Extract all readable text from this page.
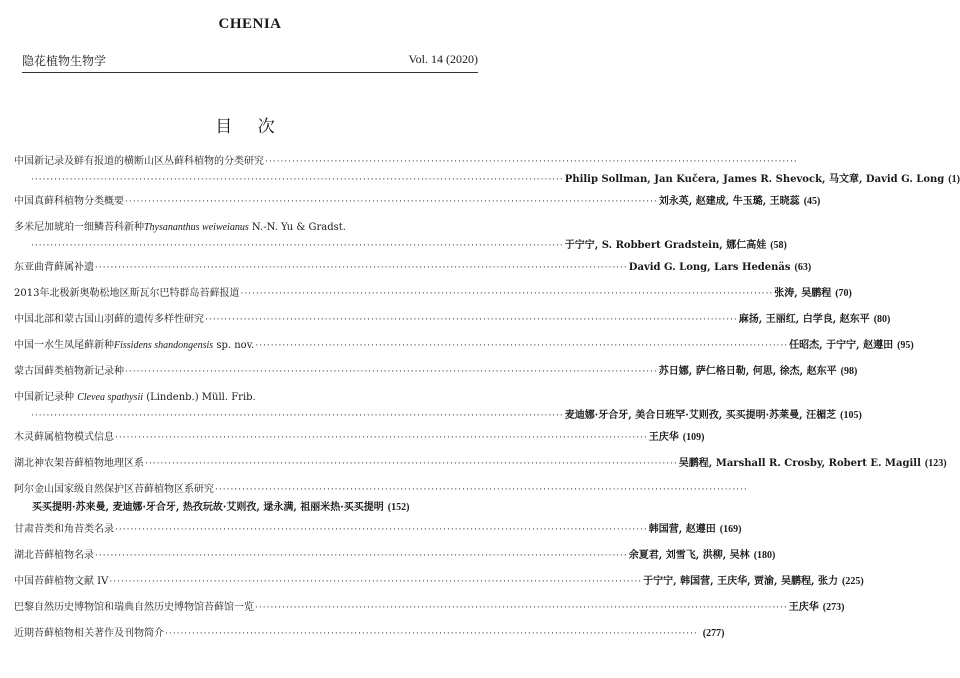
CHENIA
隐花植物生物学	Vol. 14 (2020)
目 次
中国新记录及鲜有报道的横断山区丛藓科植物的分类研究
·····
·····
Philip Sollman, Jan Kučera, James R. Shevock, 马文章, David G. Long (1)
中国真藓科植物分类概要 ·····	刘永英, 赵建成, 牛玉璐, 王晓蕊 (45)
多米尼加琥珀一细鳞苔科新种Thysananthus weiweianus N.-N. Yu & Gradst.
·····
于宁宁, S. Robbert Gradstein, 娜仁高娃 (58)
东亚曲背藓属补遗 ·····	David G. Long, Lars Hedenäs (63)
2013年北极新奥勒松地区斯瓦尔巴特群岛苔藓报道 ·····	张涛, 吴鹏程 (70)
中国北部和蒙古国山羽藓的遗传多样性研究 ·····	麻扬, 王丽红, 白学良, 赵东平 (80)
中国一水生凤尾藓新种Fissidens shandongensis sp. nov. ·····	任昭杰, 于宁宁, 赵遵田 (95)
蒙古国藓类植物新记录种 ·····	苏日娜, 萨仁格日勒, 何思, 徐杰, 赵东平 (98)
中国新记录种 Clevea spathysii (Lindenb.) Müll. Frib.
·····
麦迪娜·牙合牙, 美合日班罕·艾则孜, 买买提明·苏莱曼, 汪楣芝 (105)
木灵藓属植物模式信息 ·····	王庆华 (109)
湖北神农架苔藓植物地理区系 ·····	吴鹏程, Marshall R. Crosby, Robert E. Magill (123)
阿尔金山国家级自然保护区苔藓植物区系研究
·····
·····
买买提明·苏来曼, 麦迪娜·牙合牙, 热孜玩故·艾则孜, 逯永满, 祖丽米热·买买提明 (152)
甘肃苔类和角苔类名录 ·····	韩国营, 赵遵田 (169)
湖北苔藓植物名录 ·····	余夏君, 刘雪飞, 洪柳, 吴林 (180)
中国苔藓植物文献 IV ·····	于宁宁, 韩国营, 王庆华, 贾渝, 吴鹏程, 张力 (225)
巴黎自然历史博物馆和瑞典自然历史博物馆苔藓馆一览 ·····	王庆华 (273)
近期苔藓植物相关著作及刊物简介 ·····	(277)
